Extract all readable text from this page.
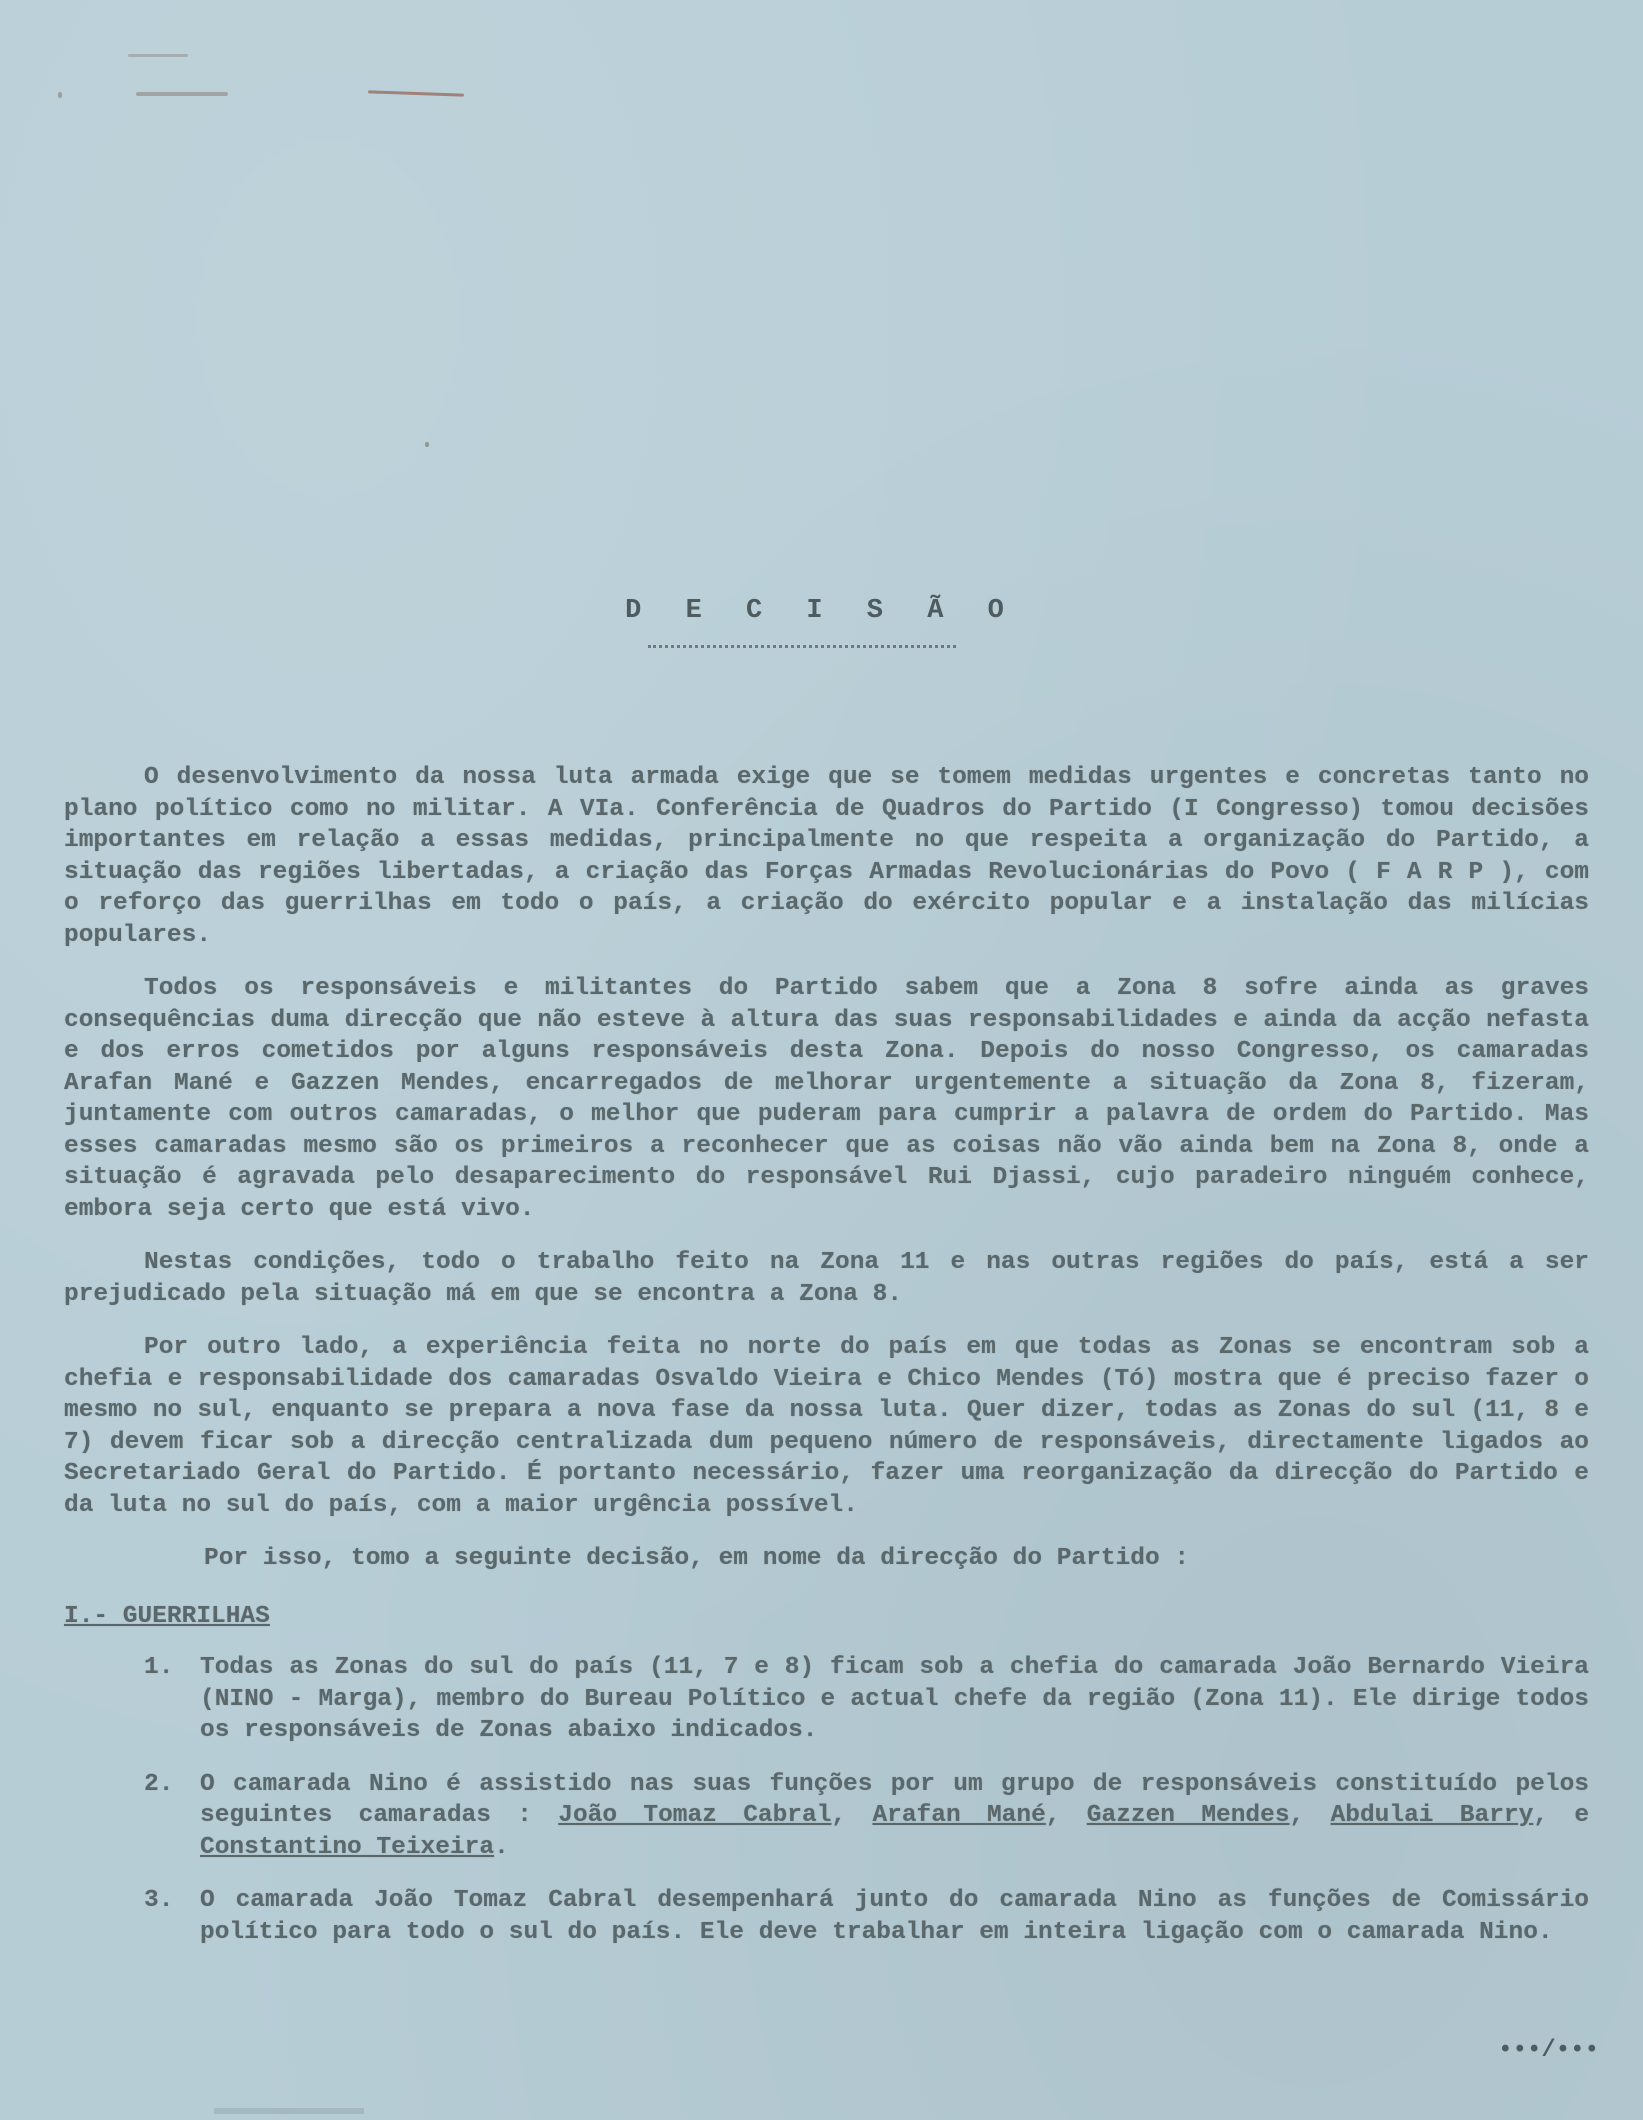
D E C I S Ã O

O desenvolvimento da nossa luta armada exige que se tomem medidas urgentes e concretas tanto no plano político como no militar. A VIa. Conferência de Quadros do Partido (I Congresso) tomou decisões importantes em relação a essas medidas, principalmente no que respeita a organização do Partido, a situação das regiões libertadas, a criação das Forças Armadas Revolucionárias do Povo ( F A R P ), com o reforço das guerrilhas em todo o país, a criação do exército popular e a instalação das milícias populares.

Todos os responsáveis e militantes do Partido sabem que a Zona 8 sofre ainda as graves consequências duma direcção que não esteve à altura das suas responsabilidades e ainda da acção nefasta e dos erros cometidos por alguns responsáveis desta Zona. Depois do nosso Congresso, os camaradas Arafan Mané e Gazzen Mendes, encarregados de melhorar urgentemente a situação da Zona 8, fizeram, juntamente com outros camaradas, o melhor que puderam para cumprir a palavra de ordem do Partido. Mas esses camaradas mesmo são os primeiros a reconhecer que as coisas não vão ainda bem na Zona 8, onde a situação é agravada pelo desaparecimento do responsável Rui Djassi, cujo paradeiro ninguém conhece, embora seja certo que está vivo.

Nestas condições, todo o trabalho feito na Zona 11 e nas outras regiões do país, está a ser prejudicado pela situação má em que se encontra a Zona 8.

Por outro lado, a experiência feita no norte do país em que todas as Zonas se encontram sob a chefia e responsabilidade dos camaradas Osvaldo Vieira e Chico Mendes (Tó) mostra que é preciso fazer o mesmo no sul, enquanto se prepara a nova fase da nossa luta. Quer dizer, todas as Zonas do sul (11, 8 e 7) devem ficar sob a direcção centralizada dum pequeno número de responsáveis, directamente ligados ao Secretariado Geral do Partido. É portanto necessário, fazer uma reorganização da direcção do Partido e da luta no sul do país, com a maior urgência possível.

Por isso, tomo a seguinte decisão, em nome da direcção do Partido :

I.- GUERRILHAS
1.	Todas as Zonas do sul do país (11, 7 e 8) ficam sob a chefia do camarada João Bernardo Vieira (NINO - Marga), membro do Bureau Político e actual chefe da região (Zona 11). Ele dirige todos os responsáveis de Zonas abaixo indicados.
2.	O camarada Nino é assistido nas suas funções por um grupo de responsáveis constituído pelos seguintes camaradas : João Tomaz Cabral, Arafan Mané, Gazzen Mendes, Abdulai Barry, e Constantino Teixeira.
3.	O camarada João Tomaz Cabral desempenhará junto do camarada Nino as funções de Comissário político para todo o sul do país. Ele deve trabalhar em inteira ligação com o camarada Nino.
•••/•••
